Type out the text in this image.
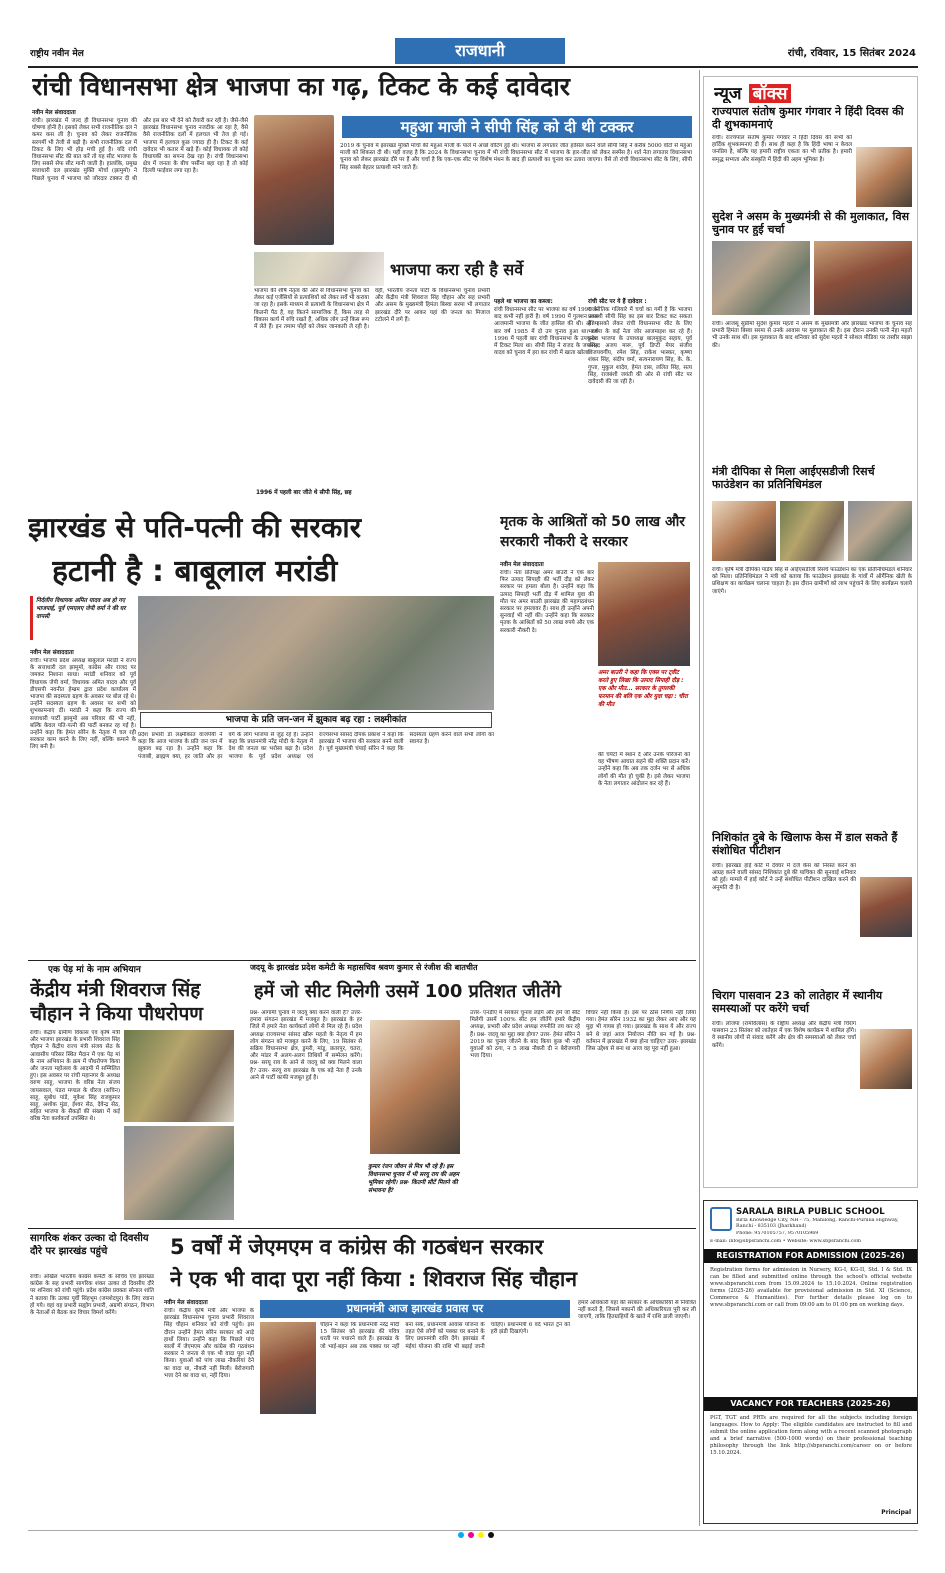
राष्ट्रीय नवीन मेल	राजधानी	रांची, रविवार, 15 सितंबर 2024
रांची विधानसभा क्षेत्र भाजपा का गढ़, टिकट के कई दावेदार
नवीन मेल संवाददाता
रांची। झारखंड में जल्द ही विधानसभा चुनाव की घोषणा होनी है। इसको लेकर सभी राजनीतिक दल ने कमर कस ली है। चुनाव को लेकर राजनीतिक सरगर्मी भी तेजी से बढ़ी है। सभी राजनीतिक दल में टिकट के लिए भी होड़ मची हुई है। यदि रांची विधानसभा सीट की बात करें तो यह सीट भाजपा के लिए सबसे सेफ सीट मानी जाती है। हालांकि, प्रमुख सत्ताधारी दल झारखंड मुक्ति मोर्चा (झामुमो) ने पिछले चुनाव में भाजपा को जोरदार टक्कर दी थी और इस बार भी देने को तैयारी कर रही है। जैसे-जैसे झारखंड विधानसभा चुनाव नजदीक आ रहा है, वैसे वैसे राजनीतिक दलों में हलचल भी तेज हो गई। भाजपा में हलचल कुछ ज्यादा ही है। टिकट के कई दावेदार भी कतार में खड़े हैं। कोई विधायक तो कोई विधायकी का सपना देख रहा है। रांची विधानसभा क्षेत्र में जनता के बीच पर्सीना बहा रहा है तो कोई दिल्ली फाईवार लगा रहा है।
महुआ माजी ने सीपी सिंह को दी थी टक्कर
2019 के चुनाव में झारखंड मुक्ति मोर्चा की महुआ माजी के पाले में अच्छे वोटिंग हुई थी। भाजपा से लगातार जीत हासिल करने वाले सीपी सिंह ने करीब 5000 वोटों से महुआ माजी को शिकस्त दी थी। यही वजह है कि 2024 के विधानसभा चुनाव में भी रांची विधानसभा सीट में भाजपा के हार-जीत को लेकर सस्पेंस है। शर्त नेता लगातार विधानसभा चुनाव को लेकर झारखंड दौरे पर हैं और चर्चा है कि एक-एक सीट पर विशेष मंथन के बाद ही प्रत्याशी का चुनाव कर उतारा जाएगा। वैसे तो रांची विधानसभा सीट के लिए, सीपी सिंह सबसे बेहतर प्रत्याशी माने जाते हैं।
भाजपा की शीर्ष नेतृत्व की ओर से विधानसभा चुनाव को लेकर कई एजेंसियों से प्रत्याशियों को लेकर सर्वे भी कराया जा रहा है। इसके माध्यम से प्रत्याशी के विधानसभा क्षेत्र में किलनी पैठ है, वह कितने सामाजिक हैं, किस तरह से विकास कार्य में रुचि रखते हैं, अधिक लोग उन्हें किस रूप में लेते हैं। इन तमाम पोंहों को लेकर जानकारी ले रही है। वहीं, भारतीय जनता पार्टी के विधानसभा चुनाव प्रभारी और केंद्रीय मंत्री शिवराज सिंह चौहान और सह प्रभारी और असम के मुख्यमंत्री हिमंता बिस्वा सरमा भी लगातार झारखंड दौरे पर आकर यहां की जनता का मिजाज टटोलने में लगे हैं।
भाजपा करा रही है सर्वे
1996 में पहली बार जीते थे सीपी सिंह, छह
पहले था भाजपा का कब्जा:
रांची विधानसभा सीट पर भाजपा का वर्ष 1990 के बाद कभी नहीं हारी है। वर्ष 1990 में गुलशन लाल आजमानी भाजपा के जीत हासिल की थी। अंतिम बार वर्ष 1985 में दो उप चुनाव हुआ था। वर्ष 1996 में पहली बार रांची विधानसभा के उपचुनाव में टिकट मिला था। सीपी सिंह ने राजद के जयसिंह यादव को चुनाव में हरा कर रांची में खाता खोला।
रांची सीट पर ये हैं दावेदार :
राजनीतिक गलियारे में चर्चा का गर्मी है कि भाजपा प्रत्याशी सीपी सिंह का इस बार टिकट कट सकता है। इसको लेकर रांची विधानसभा सीट के लिए भाजपा के कई नेता जोर आजमाइश कर रहे हैं। प्रदेश भाजपा के उपाध्यक्ष बालमुकुंद सहाय, पूर्व सांसद अजय मारू, पूर्व डिप्टी मेयर संजीव विजयवर्गीय, रमेश सिंह, राकेश भास्कर, कृष्णा शंकर सिंह, संदीप वर्मा, सत्यनारायण सिंह, के. के. गुप्ता, मुकुल शादेव, हेमंत दास, ललित सिंह, सत्य सिंह, राजबंशी जयंती की ओर से रांची सीट पर दावेदारी की जा रही है।
न्यूज बॉक्स
राज्यपाल संतोष कुमार गंगवार ने हिंदी दिवस की दी शुभकामनाएं
रांची। राज्यपाल संतोष कुमार गंगवार ने हिंदी दिवस की सभी को हार्दिक शुभकामनाएं दी हैं। साथ ही कहा है कि हिंदी भाषा न केवल जनप्रिय है, बल्कि यह हमारी राष्ट्रीय एकता का भी प्रतीक है। हमारी समृद्ध सभ्यता और संस्कृति में हिंदी की अहम भूमिका है।
सुदेश ने असम के मुख्यमंत्री से की मुलाकात, विस चुनाव पर हुई चर्चा
रांची। आजसू सुप्रीमो सुदेश कुमार महतो ने असम के मुख्यमंत्री और झारखंड भाजपा के चुनाव सह प्रभारी हिमंता बिस्वा सरमा से उनके आवास पर मुलाकात की है। इस दौरान उनकी पत्नी नेहा महतो भी उनके साथ थीं। इस मुलाकात के बाद शनिवार को सुदेश महतो ने सोशल मीडिया पर तस्वीर साझा की।
मंत्री दीपिका से मिला आईएसडीजी रिसर्च फाउंडेशन का प्रतिनिधिमंडल
रांची। कृषि मंत्री दीपिका पांडेय सिंह से आईएसडीजी रिसर्च फाउंडेशन का एक प्रतिनिधिमंडल शनिवार को मिला। प्रतिनिधिमंडल ने मंत्री को बताया कि फाउंडेशन झारखंड के गांवों में ऑर्गेनिक खेती के प्रशिक्षण का कार्यक्रम चलाना चाहता है। इस दौरान ग्रामीणों को लाभ पहुंचाने के लिए कार्यक्रम चलाये जाएंगे।
निशिकांत दुबे के खिलाफ केस में डाल सकते हैं संशोधित पीटीशन
रांची। झारखंड हाई कोर्ट में देवघर में दर्ज केस को निरस्त करने का आग्रह करने वाली सांसद निशिकांत दुबे की याचिका की सुनवाई शनिवार को हुई। मामले में हाई कोर्ट ने उन्हें संशोधित पीटीशन दाखिल करने की अनुमति दी है।
चिराग पासवान 23 को लातेहार में स्थानीय समस्याओं पर करेंगे चर्चा
रांची। लोजपा (रामविलास) के राष्ट्रीय अध्यक्ष और केंद्रीय मंत्री चिराग पासवान 23 सितंबर को लातेहार में एक विशेष कार्यक्रम में शामिल होंगे। वे स्थानीय लोगों से संवाद करेंगे और क्षेत्र की समस्याओं को लेकर चर्चा करेंगे।
झारखंड से पति-पत्नी की सरकार
हटानी है : बाबूलाल मरांडी
निर्दलीय विधायक अमित यादव अब हो गए भाजपाई, पूर्व एमएलए जेपी वर्मा ने की घर वापसी
नवीन मेल संवाददाता
रांची। भाजपा प्रदेश अध्यक्ष बाबूलाल मरांडी ने राज्य के सत्ताधारी दल झामुमो, कांग्रेस और राजद पर जमकर निशाना साधा। मरांडी शनिवार को पूर्व विधायक जेपी वर्मा, विधायक अमित यादव और पूर्व डीएसपी नवनीत हेम्ब्रम द्वारा प्रदेश कार्यालय में भाजपा की सदस्यता ग्रहण के अवसर पर बोल रहे थे। उन्होंने सदस्यता ग्रहण के अवसर पर सभी को शुभकामनाएं दीं। मरांडी ने कहा कि राज्य की सत्ताधारी पार्टी झामुमो अब परिवार की भी नहीं, बल्कि केवल पति-पत्नी की पार्टी बनकर रह गई है। उन्होंने कहा कि हेमंत सोरेन के नेतृत्व में चल रही सरकार काम करने के लिए नहीं, बल्कि कमाने के लिए बनी है।
भाजपा के प्रति जन-जन में झुकाव बढ़ रहा : लक्ष्मीकांत
प्रदेश प्रभारी डॉ लक्ष्मीकांत वाजपेयी ने कहा कि आज भाजपा के प्रति जन जन में झुकाव बढ़ रहा है। उन्होंने कहा कि पंजाबी, ब्राह्मण क्या, हर जाति और हर वर्ग के लोग भाजपा से जुड़ रहे हैं। उन्होंने कहा कि प्रधानमंत्री नरेंद्र मोदी के नेतृत्व में देश की जनता का भरोसा बढ़ा है। प्रदेश भाजपा के पूर्व प्रदेश अध्यक्ष एवं राज्यसभा सांसद दीपक प्रकाश ने कहा कि झारखंड में भाजपा की सरकार बनने वाली है। पूर्व मुख्यमंत्री चंपाई सोरेन ने कहा कि सदस्यता ग्रहण करने वाले सभी लोगों का स्वागत है।
मृतक के आश्रितों को 50 लाख और सरकारी नौकरी दे सरकार
नवीन मेल संवाददाता
रांची। नेता प्रतिपक्ष अमर बाउरी ने एक बार फिर उत्पाद सिपाही की भर्ती दौड़ को लेकर सरकार पर हमला बोला है। उन्होंने कहा कि उत्पाद सिपाही भर्ती दौड़ में शामिल युवा की मौत पर अमर बाउरी झारखंड की महागठबंधन सरकार पर हमलावर हैं। साथ ही उन्होंने अपनी सुनवाई भी नहीं की। उन्होंने कहा कि सरकार मृतक के आश्रितों को 50 लाख रुपये और एक सरकारी नौकरी दे।
अमर बाउरी ने कहा कि एक्स पर ट्वीट करते हुए लिखा कि उत्पाद सिपाही दौड़ : एक और मौत... सरकार के तुगलकी फरमान की बलि एक और युवा चढ़ा : चीरा की मौत
की चपेटों में स्थान दें और उनके परिजनों को वह भीषण आघात सहने की शक्ति प्रदान करें। उन्होंने कहा कि अब तक दर्जन भर से अधिक लोगों की मौत हो चुकी है। इसे लेकर भाजपा के नेता लगातार आंदोलन कर रहे हैं।
एक पेड़ मां के नाम अभियान
केंद्रीय मंत्री शिवराज सिंह चौहान ने किया पौधरोपण
रांची। केंद्रीय ग्रामीण विकास एवं कृषि मंत्री और भाजपा झारखंड के प्रभारी शिवराज सिंह चौहान ने केंद्रीय राज्य मंत्री संजय सेठ के आवासीय परिसर स्थित मैदान में एक पेड़ मां के नाम अभियान के क्रम में पौधरोपण किया और जनता महोत्सव के आदमी में सम्मिलित हुए। इस अवसर पर रांची महानगर के अध्यक्ष वरुण साहू, भाजपा के वरिष्ठ नेता संजय जायसवाल, पंडरा मण्डल के धीरज (सचिन) साहू, सुबोध पांडे, मुकेश सिंह राजकुमार साहू, अशोक मुंडा, ईश्वर सेठ, देवेन्द्र सेठ, सहित भाजपा के सैकड़ों की संख्या में कई वरिष्ठ नेता कार्यकर्ता उपस्थित थे।
जदयू के झारखंड प्रदेश कमेटी के महासचिव श्रवण कुमार से रंजीश की बातचीत
हमें जो सीट मिलेगी उसमें 100 प्रतिशत जीतेंगे
प्रश्न- आगामी चुनाव में जदयू क्या करने वाली है? उत्तर- हमारा संगठन झारखंड में मजबूत है। झारखंड के हर जिले में हमारे नेता कार्यकर्ता लोगों से मिल रहे हैं। प्रदेश अध्यक्ष राज्यसभा सांसद खीरू महतो के नेतृत्व में हम लोग संगठन को मजबूत करने के लिए, 19 सितंबर से सक्रिय विधानसभा क्षेत्र, डुमरी, मांडू, छतरपुर, चतरा, और मांडर में अलग-अलग तिथियों में सम्मेलन करेंगे। प्रश्न- सरयू राय के आने से जदयू को क्या मिलने वाला है? उत्तर- सरयू राय झारखंड के एक बड़े नेता हैं उनके आने से पार्टी काफी मजबूत हुई है।
कुमार रंजन जीवन से मित्र भी रहे हैं। इस विधानसभा चुनाव में भी सरयू राय की अहम भूमिका रहेगी। प्रश्न- कितनी सीटें मिलने की संभावना है?
उत्तर- एनडीए में सरकार चुनाव लड़ेंगे और हमें जो सीट मिलेगी उसमें 100% सीट हम जीतेंगे हमारे केंद्रीय अध्यक्ष, प्रभारी और प्रदेश अध्यक्ष रणनीति तय कर रहे हैं। प्रश्न- जदयू का मुद्दा क्या होगा? उत्तर- हेमंत सोरेन ने 2019 का चुनाव जीतने के बाद किया कुछ भी नहीं युवाओं को ठगा, न 5 लाख नौकरी दी न बेरोजगारी भत्ता दिया।
विचार नहीं किया है। इस पर ठोस निर्णय नहीं लिया गया। हेमंत सोरेन 1932 का मुद्दा लेकर आए और यह मुद्दा भी गायब हो गया। झारखंड के साथ ये और राज्य बने थे जहां आज नियोजन नीति बन गई है। प्रश्न- वर्तमान में झारखंड में क्या होना चाहिए? उत्तर- झारखंड जिस उद्देश्य से बना था आज वह पूरा नहीं हुआ।
सागरिक शंकर उल्का दो दिवसीय दौरे पर झारखंड पहुंचे
रांची। अखिल भारतीय कांग्रेस कमेटी के सचिव एवं झारखंड कांग्रेस के सह प्रभारी सागरिक शंकर उल्का दो दिवसीय दौरे पर शनिवार को रांची पहुंचे। प्रदेश कांग्रेस प्रवक्ता सोनाल शांति ने बताया कि उल्का पूर्वी सिंहभूम (जमशेदपुर) के लिए रवाना हो गये। वहां वह प्रभारी सह्योग प्रभारी, अग्रणी संगठन, विभाग के नेताओं से बैठक कर विचार विमर्श करेंगे।
5 वर्षों में जेएमएम व कांग्रेस की गठबंधन सरकार
ने एक भी वादा पूरा नहीं किया : शिवराज सिंह चौहान
नवीन मेल संवाददाता
रांची। केंद्रीय कृषि मंत्री और भाजपा के झारखंड विधानसभा चुनाव प्रभारी शिवराज सिंह चौहान शनिवार को रांची पहुंचे। इस दौरान उन्होंने हेमंत सोरेन सरकार को आड़े हाथों लिया। उन्होंने कहा कि पिछले पांच सालों में जेएमएम और कांग्रेस की गठबंधन सरकार ने जनता से एक भी वादा पूरा नहीं किया। युवाओं को पांच लाख नौकरियां देने का वादा था, नौकरी नहीं मिली। बेरोजगारी भत्ता देने का वादा था, नहीं दिया।
प्रधानमंत्री आज झारखंड प्रवास पर
चौहान ने कहा कि प्रधानमंत्री नरेंद्र मोदी 15 सितंबर को झारखंड की पवित्र धरती पर पधारने वाले हैं। झारखंड के जो भाई-बहन अब तक पक्का घर नहीं बना सके, प्रधानमंत्री आवास योजना के तहत ऐसे लोगों को पक्का घर बनाने के लिए प्रधानमंत्री राशि देंगे। झारखंड में मंईयां योजना की राशि भी बढ़ाई जानी चाहिए। प्रधानमंत्री 6 वंदे भारत ट्रेन को हरी झंडी दिखाएंगे।
हमारे अधिकारी यहां की सरकार के अधिकारियों से नियंत्रित नहीं करते हैं, जिससे मकानों की अधिकारियता पूरी कर ली जाएगी, ताकि हितग्राहियों के खाते में राशि डाली जाएगी।
SARALA BIRLA PUBLIC SCHOOL
Birla Knowledge City, NH - 75, Mahilong, Ranchi-Purulia Highway, Ranchi - 835103 (Jharkhand)
Phone: 9570105757, 9570105969
E-mail: info@sbpsranchi.com • Website: www.sbpsranchi.com
REGISTRATION FOR ADMISSION (2025-26)
Registration forms for admission in Nursery, KG-I, KG-II, Std. I & Std. IX can be filled and submitted online through the school's official website www.sbpsranchi.com from 15.09.2024 to 15.10.2024. Online registration forms (2025-26) available for provisional admission in Std. XI (Science, Commerce & Humanities). For further details please log on to www.sbpsranchi.com or call from 09:00 am to 01:00 pm on working days.
VACANCY FOR TEACHERS (2025-26)
PGT, TGT and PRTs are required for all the subjects including foreign languages. How to Apply: The eligible candidates are instructed to fill and submit the online application form along with a recent scanned photograph and a brief narrative (500-1000 words) on their professional teaching philosophy through the link http://sbpsranchi.com/career on or before 15.10.2024.
Principal
